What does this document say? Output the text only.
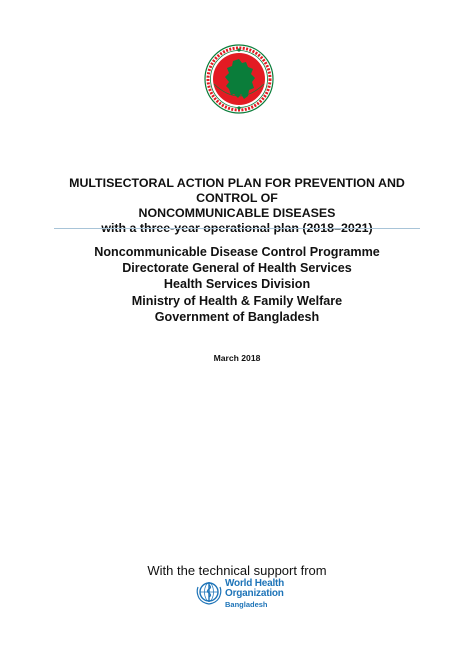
MULTISECTORAL ACTION PLAN FOR PREVENTION AND CONTROL OF

NONCOMMUNICABLE DISEASES

with a three-year operational plan (2018–2021)

Noncommunicable Disease Control Programme

Directorate General of Health Services

Health Services Division

Ministry of Health & Family Welfare

Government of Bangladesh

March 2018
With the technical support from
World Health
Organization
Bangladesh
